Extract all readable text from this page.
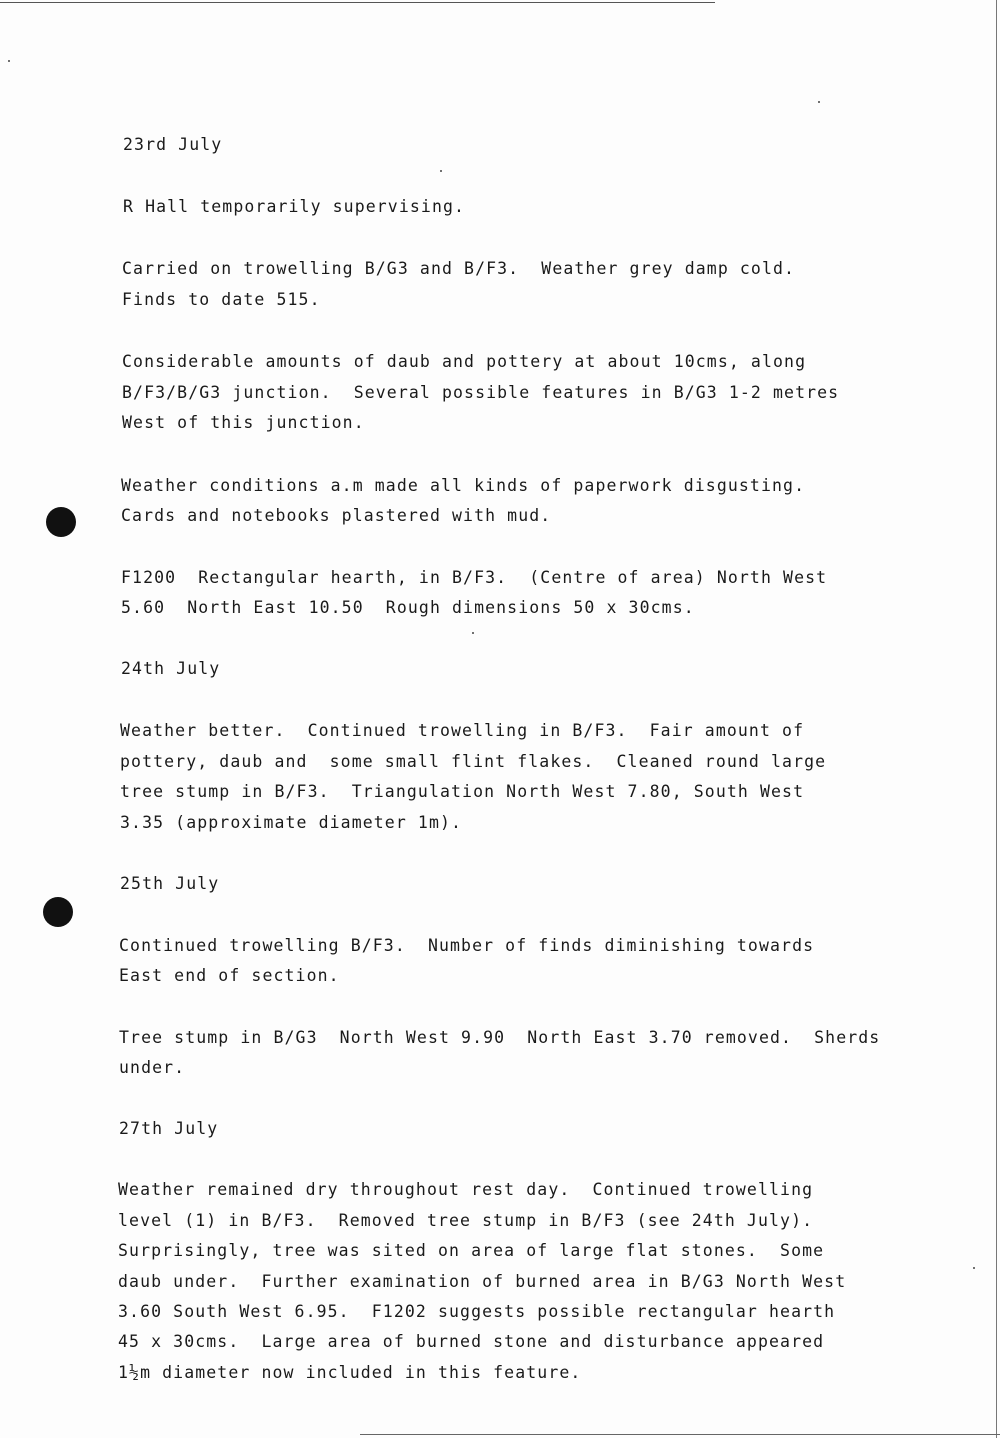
23rd July
R Hall temporarily supervising.
Carried on trowelling B/G3 and B/F3.  Weather grey damp cold.
Finds to date 515.
Considerable amounts of daub and pottery at about 10cms, along
B/F3/B/G3 junction.  Several possible features in B/G3 1-2 metres
West of this junction.
Weather conditions a.m made all kinds of paperwork disgusting.
Cards and notebooks plastered with mud.
F1200  Rectangular hearth, in B/F3.  (Centre of area) North West
5.60  North East 10.50  Rough dimensions 50 x 30cms.
24th July
Weather better.  Continued trowelling in B/F3.  Fair amount of
pottery, daub and  some small flint flakes.  Cleaned round large
tree stump in B/F3.  Triangulation North West 7.80, South West
3.35 (approximate diameter 1m).
25th July
Continued trowelling B/F3.  Number of finds diminishing towards
East end of section.
Tree stump in B/G3  North West 9.90  North East 3.70 removed.  Sherds
under.
27th July
Weather remained dry throughout rest day.  Continued trowelling
level (1) in B/F3.  Removed tree stump in B/F3 (see 24th July).
Surprisingly, tree was sited on area of large flat stones.  Some
daub under.  Further examination of burned area in B/G3 North West
3.60 South West 6.95.  F1202 suggests possible rectangular hearth
45 x 30cms.  Large area of burned stone and disturbance appeared
1½m diameter now included in this feature.
